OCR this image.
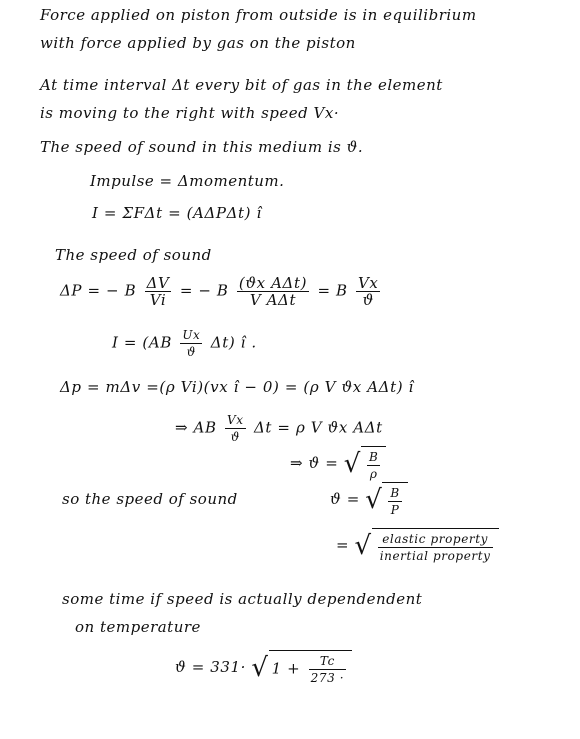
Force applied on piston from outside is in equilibrium
with force applied by gas on the piston
At time interval Δt every bit of gas in the element
is moving to the right with speed Vx·
The speed of sound in this medium is ϑ.
Impulse = Δmomentum.
I = ΣFΔt = (AΔPΔt) î
The speed of sound
ΔP = − B $\frac{\Delta V}{Vi}$ = − B $\frac{\text{(ϑx AΔt)}}{\text{V AΔt}} = B \frac{Vx}{ϑ}$
$I = (AB \frac{Ux}{ϑ} \Delta t)$ î .
Δp = mΔv =(ρ Vi)(vx î − 0) = (ρ V ϑx AΔt) î
⇒ AB $\frac{Vx}{ϑ}$ Δt = ρ V ϑx AΔt
⇒ ϑ = √ $\frac{B}{\rho}$
so the speed of sound	ϑ = √ $\frac{B}{P}$
= √ $\frac{\text{elastic property}}{\text{inertial property}}$
some time if speed is actually dependendent
on temperature
ϑ = 331· √ $1 + \frac{Tc}{273 \cdot}$
